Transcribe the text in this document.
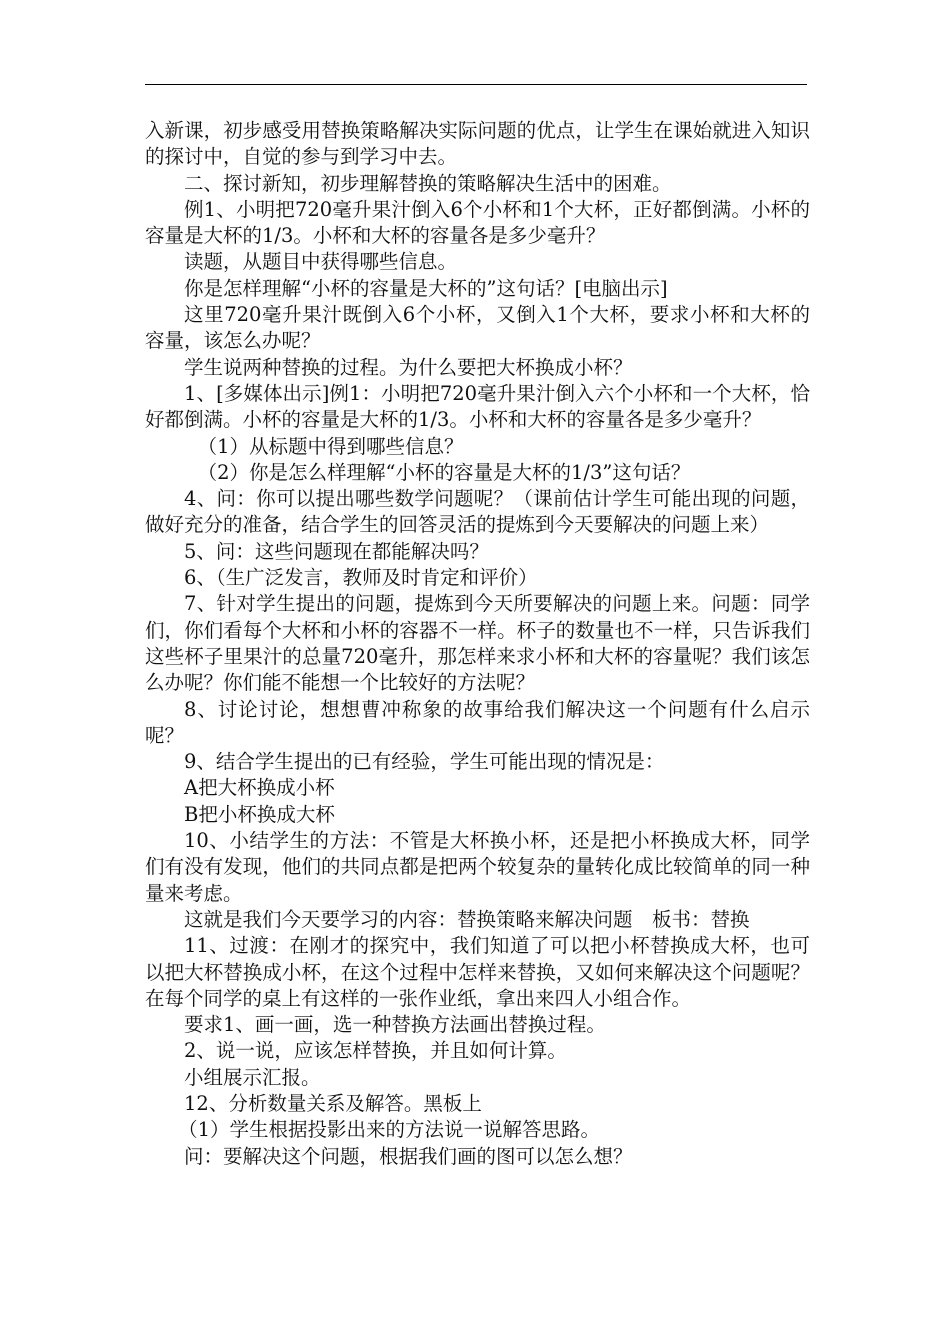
入新课，初步感受用替换策略解决实际问题的优点，让学生在课始就进入知识的探讨中，自觉的参与到学习中去。

二、探讨新知，初步理解替换的策略解决生活中的困难。

例1、小明把720毫升果汁倒入6个小杯和1个大杯，正好都倒满。小杯的容量是大杯的1/3。小杯和大杯的容量各是多少毫升？

读题，从题目中获得哪些信息。

你是怎样理解“小杯的容量是大杯的”这句话？[电脑出示]

这里720毫升果汁既倒入6个小杯，又倒入1个大杯，要求小杯和大杯的容量，该怎么办呢？

学生说两种替换的过程。为什么要把大杯换成小杯？

1、[多媒体出示]例1：小明把720毫升果汁倒入六个小杯和一个大杯，恰好都倒满。小杯的容量是大杯的1/3。小杯和大杯的容量各是多少毫升？

（1）从标题中得到哪些信息？

（2）你是怎么样理解“小杯的容量是大杯的1/3”这句话？

4、问：你可以提出哪些数学问题呢？（课前估计学生可能出现的问题，做好充分的准备，结合学生的回答灵活的提炼到今天要解决的问题上来）

5、问：这些问题现在都能解决吗？

6、（生广泛发言，教师及时肯定和评价）

7、针对学生提出的问题，提炼到今天所要解决的问题上来。问题：同学们，你们看每个大杯和小杯的容器不一样。杯子的数量也不一样，只告诉我们这些杯子里果汁的总量720毫升，那怎样来求小杯和大杯的容量呢？我们该怎么办呢？你们能不能想一个比较好的方法呢？

8、讨论讨论，想想曹冲称象的故事给我们解决这一个问题有什么启示呢？

9、结合学生提出的已有经验，学生可能出现的情况是：

A把大杯换成小杯

B把小杯换成大杯

10、小结学生的方法：不管是大杯换小杯，还是把小杯换成大杯，同学们有没有发现，他们的共同点都是把两个较复杂的量转化成比较简单的同一种量来考虑。

这就是我们今天要学习的内容：替换策略来解决问题　板书：替换

11、过渡：在刚才的探究中，我们知道了可以把小杯替换成大杯，也可以把大杯替换成小杯，在这个过程中怎样来替换，又如何来解决这个问题呢？在每个同学的桌上有这样的一张作业纸，拿出来四人小组合作。

要求1、画一画，选一种替换方法画出替换过程。

2、说一说，应该怎样替换，并且如何计算。

小组展示汇报。

12、分析数量关系及解答。黑板上

（1）学生根据投影出来的方法说一说解答思路。

问：要解决这个问题，根据我们画的图可以怎么想？
